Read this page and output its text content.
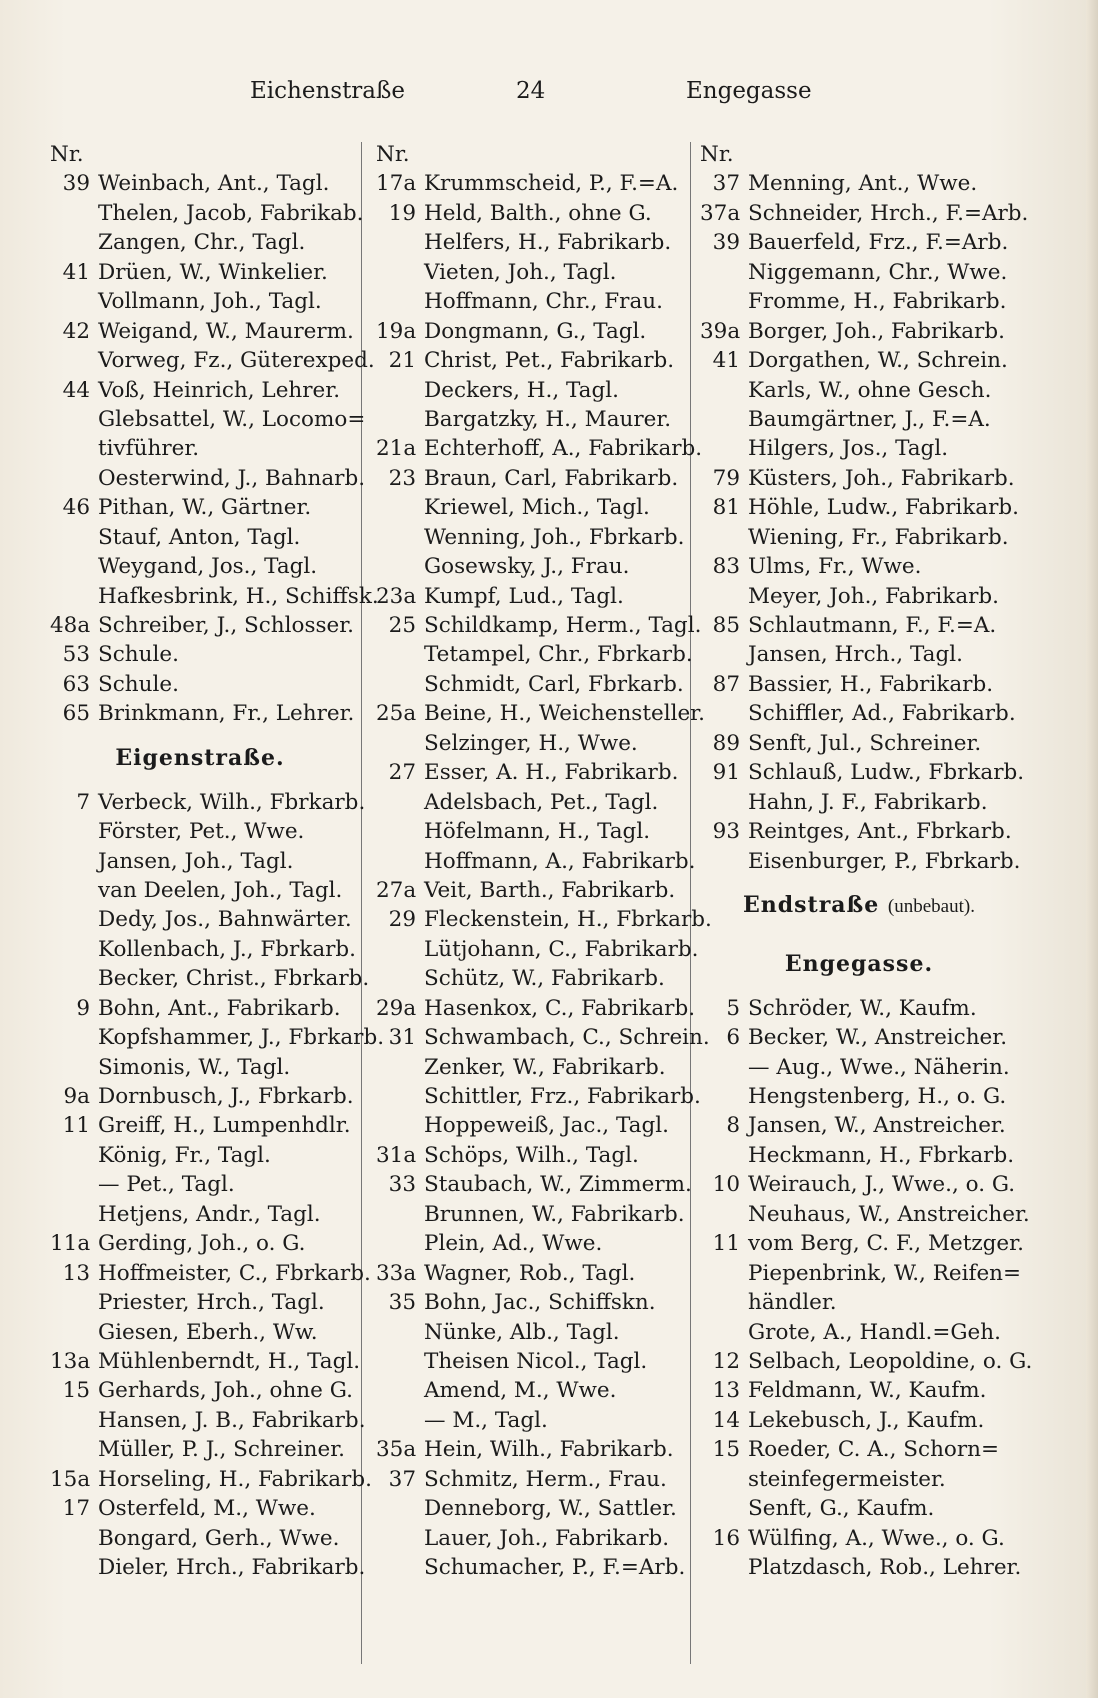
Eichenstraße	24	Engegasse
Nr.
39 Weinbach, Ant., Tagl.
Thelen, Jacob, Fabrikab.
Zangen, Chr., Tagl.
41 Drüen, W., Winkelier.
Vollmann, Joh., Tagl.
42 Weigand, W., Maurerm.
Vorweg, Fz., Güterexped.
44 Voß, Heinrich, Lehrer.
Glebsattel, W., Locomo=
tivführer.
Oesterwind, J., Bahnarb.
46 Pithan, W., Gärtner.
Stauf, Anton, Tagl.
Weygand, Jos., Tagl.
Hafkesbrink, H., Schiffsk.
48a Schreiber, J., Schlosser.
53 Schule.
63 Schule.
65 Brinkmann, Fr., Lehrer.
Eigenstraße.
7 Verbeck, Wilh., Fbrkarb.
Förster, Pet., Wwe.
Jansen, Joh., Tagl.
van Deelen, Joh., Tagl.
Dedy, Jos., Bahnwärter.
Kollenbach, J., Fbrkarb.
Becker, Christ., Fbrkarb.
9 Bohn, Ant., Fabrikarb.
Kopfshammer, J., Fbrkarb.
Simonis, W., Tagl.
9a Dornbusch, J., Fbrkarb.
11 Greiff, H., Lumpenhdlr.
König, Fr., Tagl.
— Pet., Tagl.
Hetjens, Andr., Tagl.
11a Gerding, Joh., o. G.
13 Hoffmeister, C., Fbrkarb.
Priester, Hrch., Tagl.
Giesen, Eberh., Ww.
13a Mühlenberndt, H., Tagl.
15 Gerhards, Joh., ohne G.
Hansen, J. B., Fabrikarb.
Müller, P. J., Schreiner.
15a Horseling, H., Fabrikarb.
17 Osterfeld, M., Wwe.
Bongard, Gerh., Wwe.
Dieler, Hrch., Fabrikarb.
Nr.
17a Krummscheid, P., F.=A.
19 Held, Balth., ohne G.
Helfers, H., Fabrikarb.
Vieten, Joh., Tagl.
Hoffmann, Chr., Frau.
19a Dongmann, G., Tagl.
21 Christ, Pet., Fabrikarb.
Deckers, H., Tagl.
Bargatzky, H., Maurer.
21a Echterhoff, A., Fabrikarb.
23 Braun, Carl, Fabrikarb.
Kriewel, Mich., Tagl.
Wenning, Joh., Fbrkarb.
Gosewsky, J., Frau.
23a Kumpf, Lud., Tagl.
25 Schildkamp, Herm., Tagl.
Tetampel, Chr., Fbrkarb.
Schmidt, Carl, Fbrkarb.
25a Beine, H., Weichensteller.
Selzinger, H., Wwe.
27 Esser, A. H., Fabrikarb.
Adelsbach, Pet., Tagl.
Höfelmann, H., Tagl.
Hoffmann, A., Fabrikarb.
27a Veit, Barth., Fabrikarb.
29 Fleckenstein, H., Fbrkarb.
Lütjohann, C., Fabrikarb.
Schütz, W., Fabrikarb.
29a Hasenkox, C., Fabrikarb.
31 Schwambach, C., Schrein.
Zenker, W., Fabrikarb.
Schittler, Frz., Fabrikarb.
Hoppeweiß, Jac., Tagl.
31a Schöps, Wilh., Tagl.
33 Staubach, W., Zimmerm.
Brunnen, W., Fabrikarb.
Plein, Ad., Wwe.
33a Wagner, Rob., Tagl.
35 Bohn, Jac., Schiffskn.
Nünke, Alb., Tagl.
Theisen Nicol., Tagl.
Amend, M., Wwe.
— M., Tagl.
35a Hein, Wilh., Fabrikarb.
37 Schmitz, Herm., Frau.
Denneborg, W., Sattler.
Lauer, Joh., Fabrikarb.
Schumacher, P., F.=Arb.
Nr.
37 Menning, Ant., Wwe.
37a Schneider, Hrch., F.=Arb.
39 Bauerfeld, Frz., F.=Arb.
Niggemann, Chr., Wwe.
Fromme, H., Fabrikarb.
39a Borger, Joh., Fabrikarb.
41 Dorgathen, W., Schrein.
Karls, W., ohne Gesch.
Baumgärtner, J., F.=A.
Hilgers, Jos., Tagl.
79 Küsters, Joh., Fabrikarb.
81 Höhle, Ludw., Fabrikarb.
Wiening, Fr., Fabrikarb.
83 Ulms, Fr., Wwe.
Meyer, Joh., Fabrikarb.
85 Schlautmann, F., F.=A.
Jansen, Hrch., Tagl.
87 Bassier, H., Fabrikarb.
Schiffler, Ad., Fabrikarb.
89 Senft, Jul., Schreiner.
91 Schlauß, Ludw., Fbrkarb.
Hahn, J. F., Fabrikarb.
93 Reintges, Ant., Fbrkarb.
Eisenburger, P., Fbrkarb.
Endstraße (unbebaut).
Engegasse.
5 Schröder, W., Kaufm.
6 Becker, W., Anstreicher.
— Aug., Wwe., Näherin.
Hengstenberg, H., o. G.
8 Jansen, W., Anstreicher.
Heckmann, H., Fbrkarb.
10 Weirauch, J., Wwe., o. G.
Neuhaus, W., Anstreicher.
11 vom Berg, C. F., Metzger.
Piepenbrink, W., Reifen=
händler.
Grote, A., Handl.=Geh.
12 Selbach, Leopoldine, o. G.
13 Feldmann, W., Kaufm.
14 Lekebusch, J., Kaufm.
15 Roeder, C. A., Schorn=
steinfegermeister.
Senft, G., Kaufm.
16 Wülfing, A., Wwe., o. G.
Platzdasch, Rob., Lehrer.
